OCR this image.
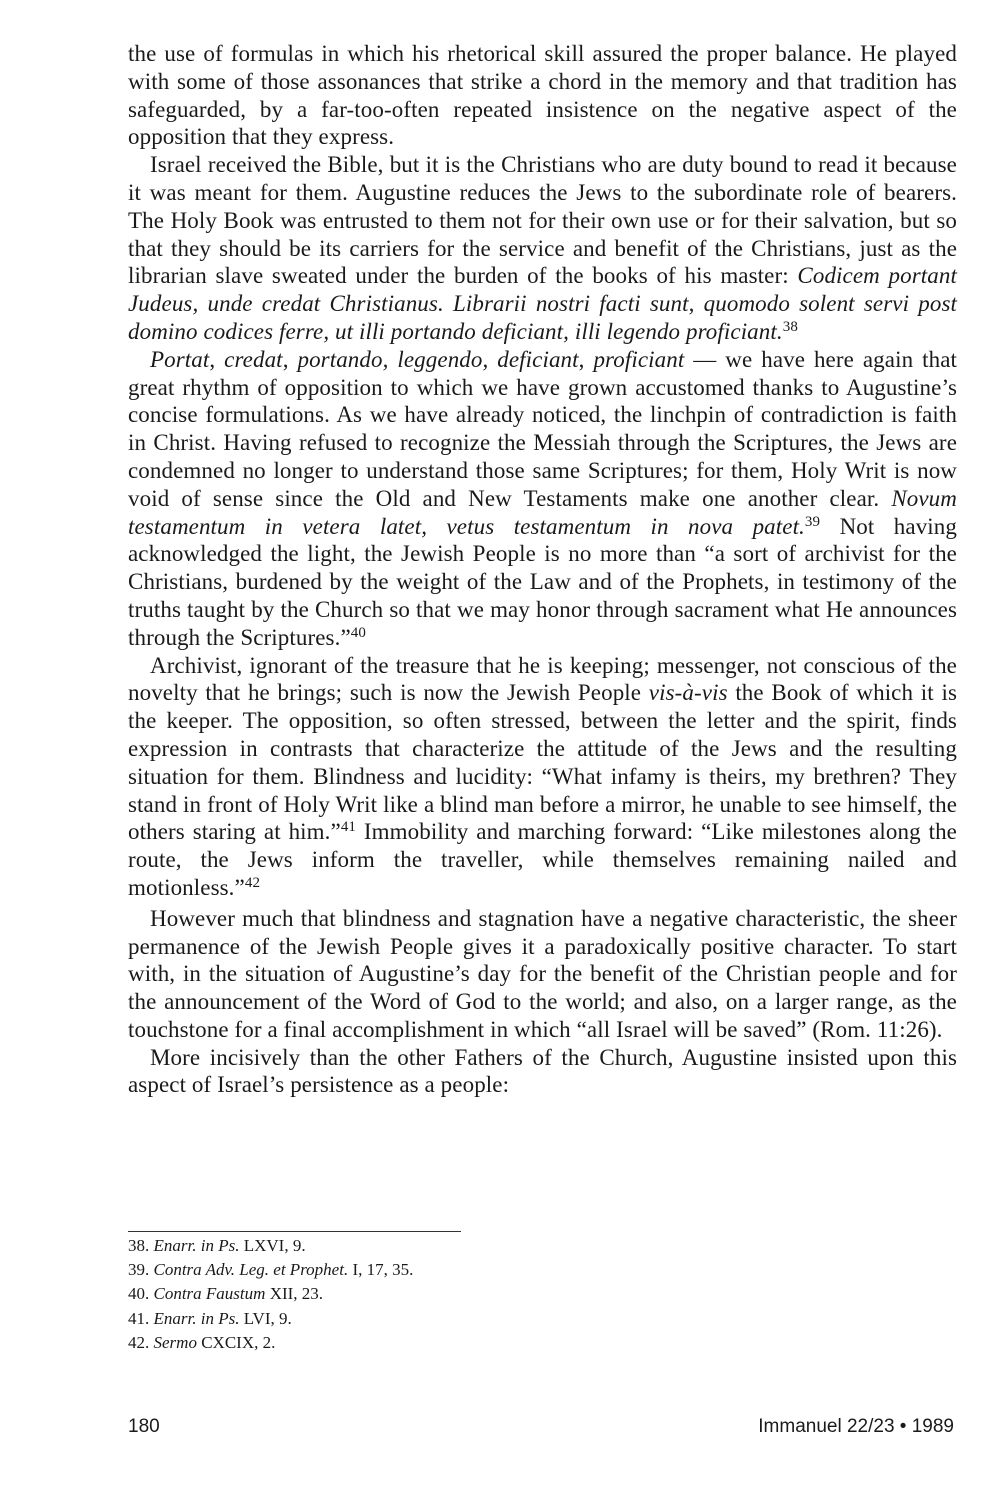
the use of formulas in which his rhetorical skill assured the proper balance. He played with some of those assonances that strike a chord in the memory and that tradition has safeguarded, by a far-too-often repeated insistence on the negative aspect of the opposition that they express.

Israel received the Bible, but it is the Christians who are duty bound to read it because it was meant for them. Augustine reduces the Jews to the subordinate role of bearers. The Holy Book was entrusted to them not for their own use or for their salvation, but so that they should be its carriers for the service and benefit of the Christians, just as the librarian slave sweated under the burden of the books of his master: Codicem portant Judeus, unde credat Christianus. Librarii nostri facti sunt, quomodo solent servi post domino codices ferre, ut illi portando deficiant, illi legendo proficiant.$^{38}$

Portat, credat, portando, leggendo, deficiant, proficiant — we have here again that great rhythm of opposition to which we have grown accustomed thanks to Augustine’s concise formulations. As we have already noticed, the linchpin of contradiction is faith in Christ. Having refused to recognize the Messiah through the Scriptures, the Jews are condemned no longer to understand those same Scriptures; for them, Holy Writ is now void of sense since the Old and New Testaments make one another clear. Novum testamentum in vetera latet, vetus testamentum in nova patet.$^{39}$ Not having acknowledged the light, the Jewish People is no more than “a sort of archivist for the Christians, burdened by the weight of the Law and of the Prophets, in testimony of the truths taught by the Church so that we may honor through sacrament what He announces through the Scriptures.”$^{40}$

Archivist, ignorant of the treasure that he is keeping; messenger, not conscious of the novelty that he brings; such is now the Jewish People vis-à-vis the Book of which it is the keeper. The opposition, so often stressed, between the letter and the spirit, finds expression in contrasts that characterize the attitude of the Jews and the resulting situation for them. Blindness and lucidity: “What infamy is theirs, my brethren? They stand in front of Holy Writ like a blind man before a mirror, he unable to see himself, the others staring at him.”$^{41}$ Immobility and marching forward: “Like milestones along the route, the Jews inform the traveller, while themselves remaining nailed and motionless.”$^{42}$

However much that blindness and stagnation have a negative characteristic, the sheer permanence of the Jewish People gives it a paradoxically positive character. To start with, in the situation of Augustine’s day for the benefit of the Christian people and for the announcement of the Word of God to the world; and also, on a larger range, as the touchstone for a final accomplishment in which “all Israel will be saved” (Rom. 11:26).

More incisively than the other Fathers of the Church, Augustine insisted upon this aspect of Israel’s persistence as a people:

38. Enarr. in Ps. LXVI, 9.

39. Contra Adv. Leg. et Prophet. I, 17, 35.

40. Contra Faustum XII, 23.

41. Enarr. in Ps. LVI, 9.

42. Sermo CXCIX, 2.

180	Immanuel 22/23 • 1989
